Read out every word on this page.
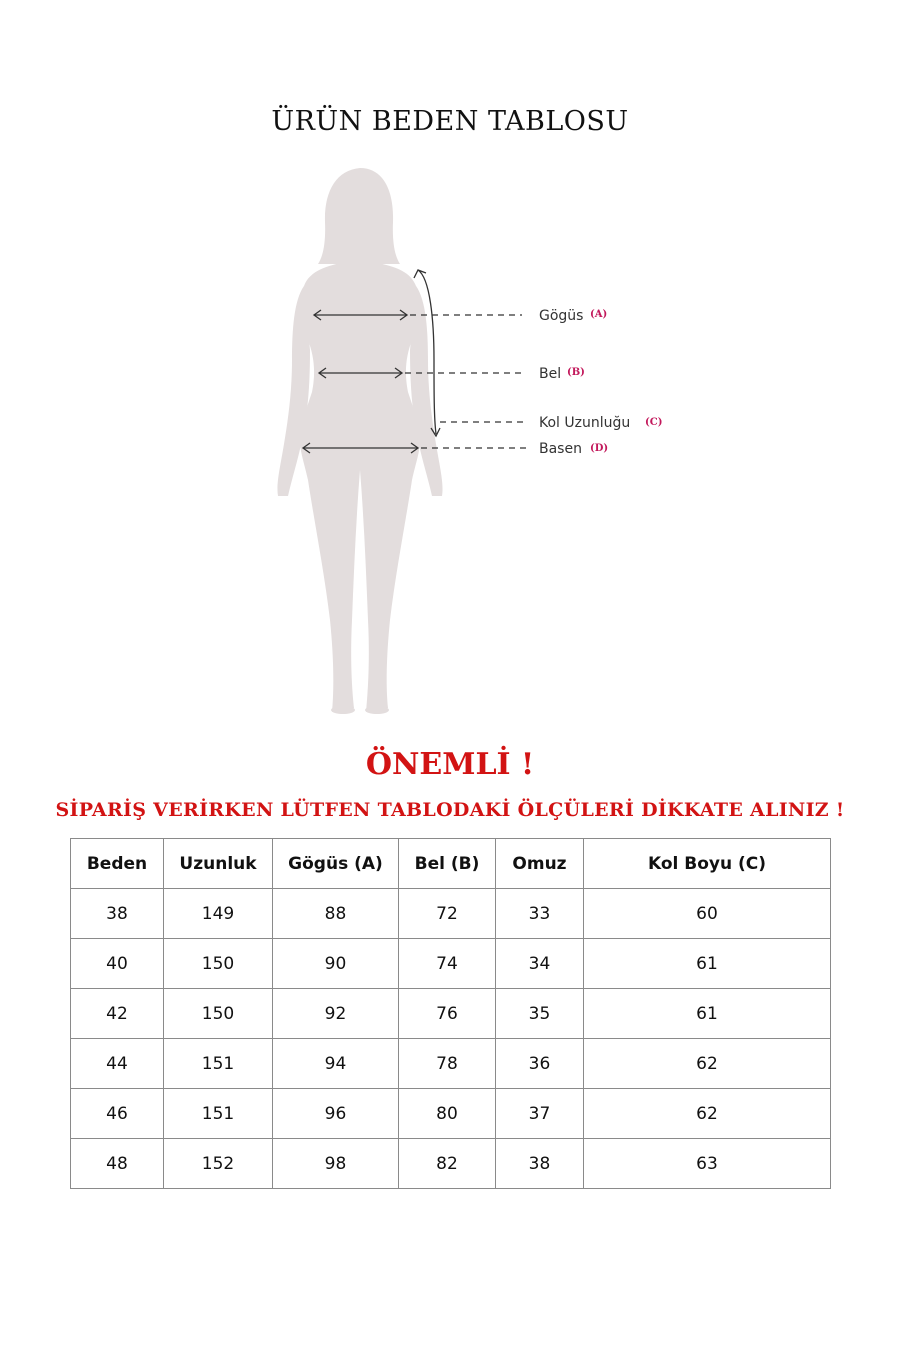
ÜRÜN BEDEN TABLOSU
Gögüs (A)
Bel (B)
Kol Uzunluğu (C)
Basen (D)
ÖNEMLİ !
SİPARİŞ VERİRKEN LÜTFEN TABLODAKİ ÖLÇÜLERİ DİKKATE ALINIZ !
Beden	Uzunluk	Gögüs (A)	Bel (B)	Omuz	Kol Boyu (C)
38	149	88	72	33	60
40	150	90	74	34	61
42	150	92	76	35	61
44	151	94	78	36	62
46	151	96	80	37	62
48	152	98	82	38	63
